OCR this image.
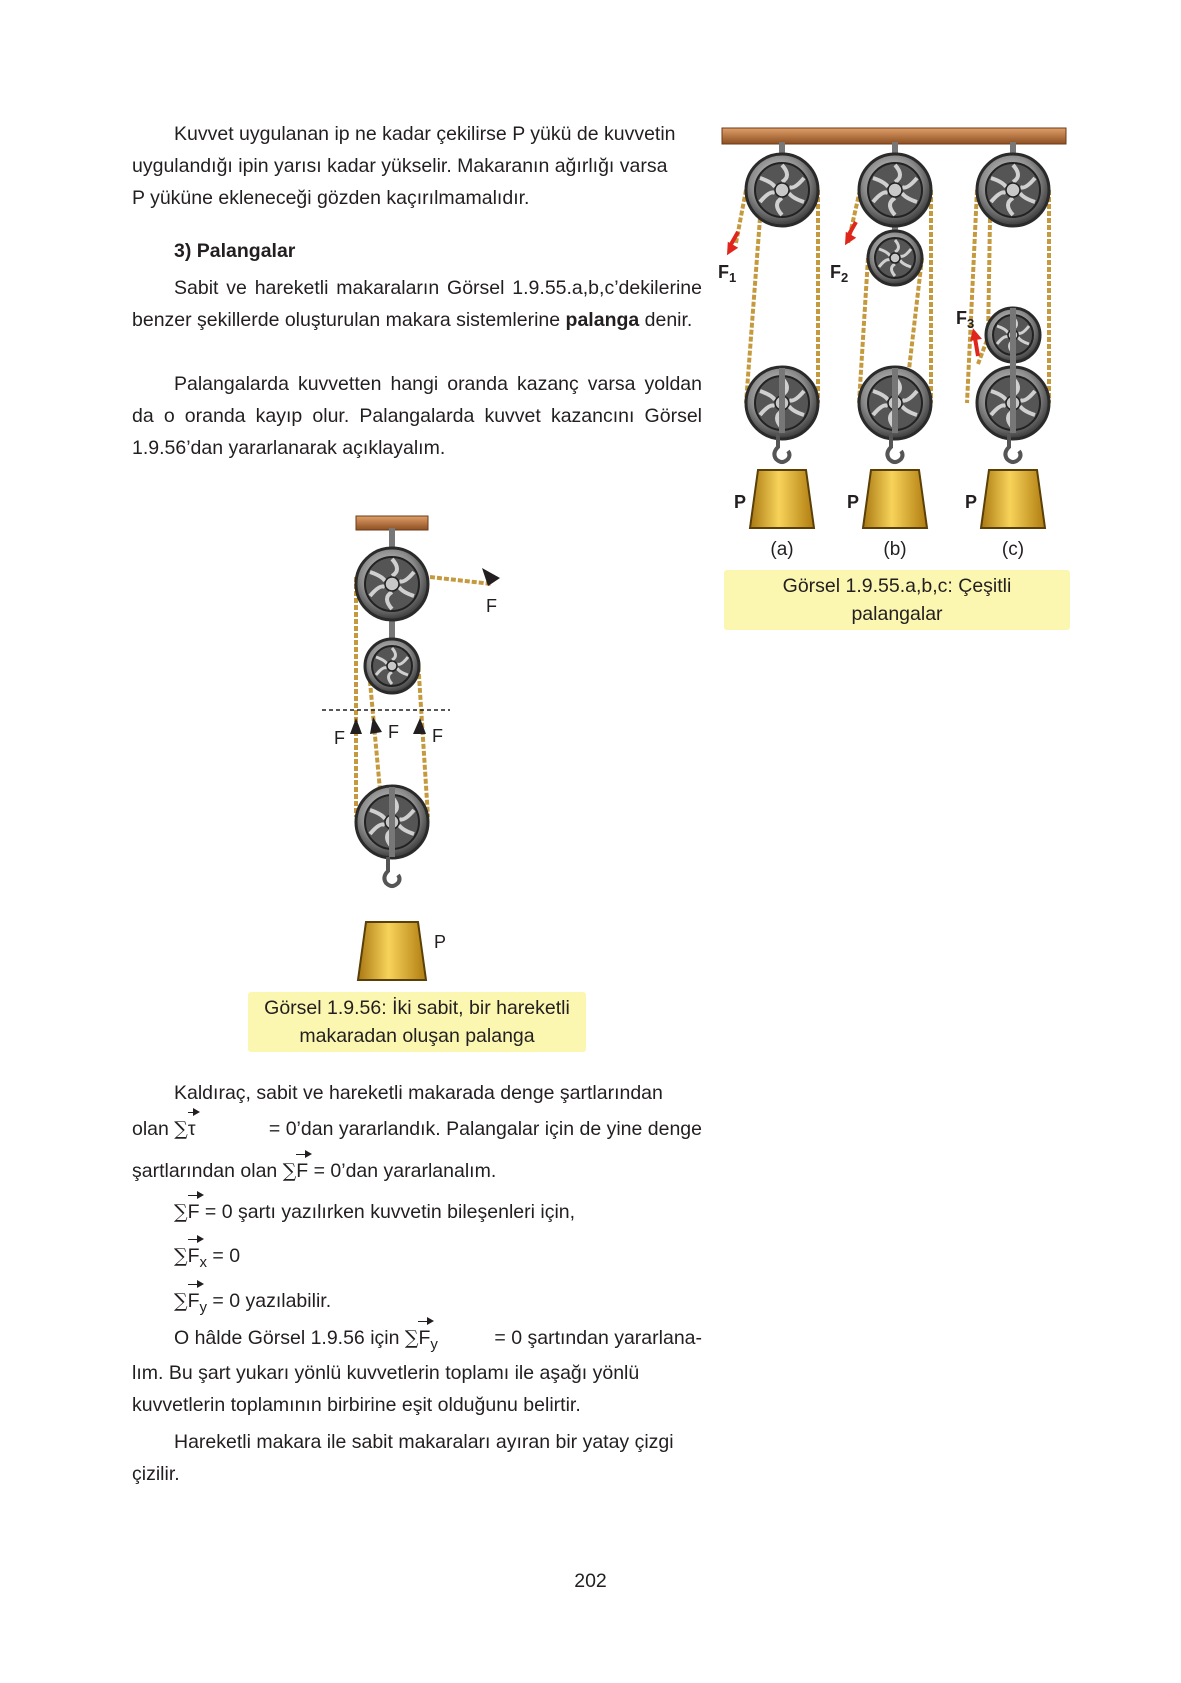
Kuvvet uygulanan ip ne kadar çekilirse P yükü de kuvvetin

uygulandığı ipin yarısı kadar yükselir. Makaranın ağırlığı varsa

P yüküne ekleneceği gözden kaçırılmamalıdır.

3) Palangalar

Sabit ve hareketli makaraların Görsel 1.9.55.a,b,c’dekilerine benzer şekillerde oluşturulan makara sistemlerine palanga denir.

Palangalarda kuvvetten hangi oranda kazanç varsa yoldan da o oranda kayıp olur. Palangalarda kuvvet kazancını Görsel 1.9.56’dan yararlanarak açıklayalım.

$F_1$
P
(a)
$F_2$
P
(b)
$F_3$
P
(c)
Görsel 1.9.55.a,b,c: Çeşitli
palangalar
F
F F F
P
Görsel 1.9.56: İki sabit, bir hareketli
makaradan oluşan palanga

Kaldıraç, sabit ve hareketli makarada denge şartlarından

olan ∑τ	= 0’dan yararlandık. Palangalar için de yine denge
şartlarından olan ∑F = 0’dan yararlanalım.
∑F = 0 şartı yazılırken kuvvetin bileşenleri için,
$\sum F_x = 0$
$\sum F_y = 0$ yazılabilir.
O hâlde Görsel 1.9.56 için $\sum F_y$	= 0 şartından yararlana-

lım. Bu şart yukarı yönlü kuvvetlerin toplamı ile aşağı yönlü

kuvvetlerin toplamının birbirine eşit olduğunu belirtir.

Hareketli makara ile sabit makaraları ayıran bir yatay çizgi

çizilir.

202
